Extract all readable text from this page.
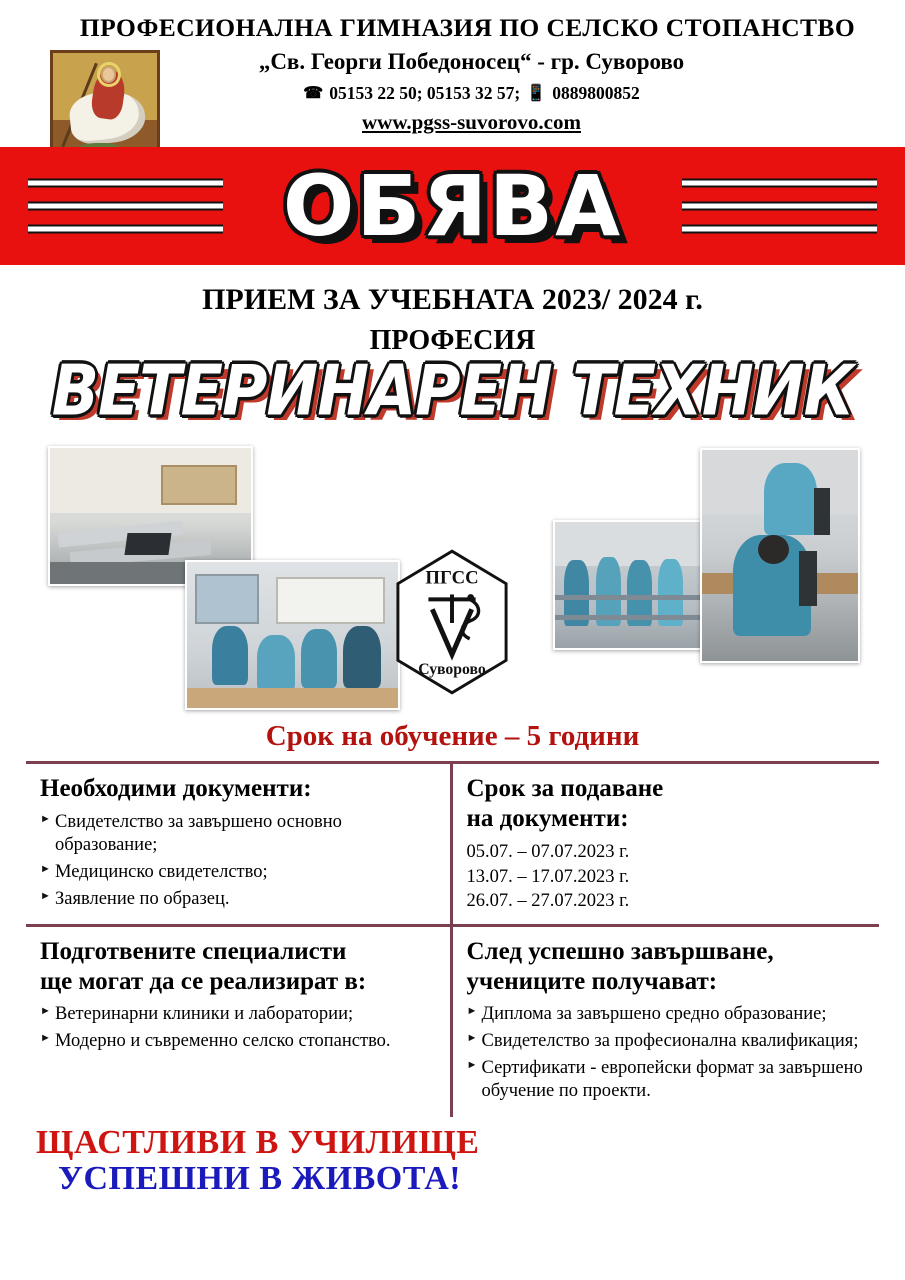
ПРОФЕСИОНАЛНА ГИМНАЗИЯ ПО СЕЛСКО СТОПАНСТВО
„Св. Георги Победоносец“ - гр. Суворово
☎ 05153 22 50; 05153 32 57; 📱 0889800852
www.pgss-suvorovo.com
ОБЯВА
ПРИЕМ ЗА УЧЕБНАТА 2023/ 2024 г.
ПРОФЕСИЯ
ВЕТЕРИНАРЕН ТЕХНИК
ПГСС
Суворово
Срок на обучение – 5 години
Необходими документи:
► Свидетелство за завършено основно образование;
► Медицинско свидетелство;
► Заявление по образец.
Срок за подаване
на документи:
05.07. – 07.07.2023 г.
13.07. – 17.07.2023 г.
26.07. – 27.07.2023 г.
Подготвените специалисти
ще могат да се реализират в:
► Ветеринарни клиники и лаборатории;
► Модерно и съвременно селско стопанство.
След успешно завършване,
учениците получават:
► Диплома за завършено средно образование;
► Свидетелство за професионална квалификация;
► Сертификати - европейски формат за завършено обучение по проекти.
ЩАСТЛИВИ В УЧИЛИЩЕ
УСПЕШНИ В ЖИВОТА!
